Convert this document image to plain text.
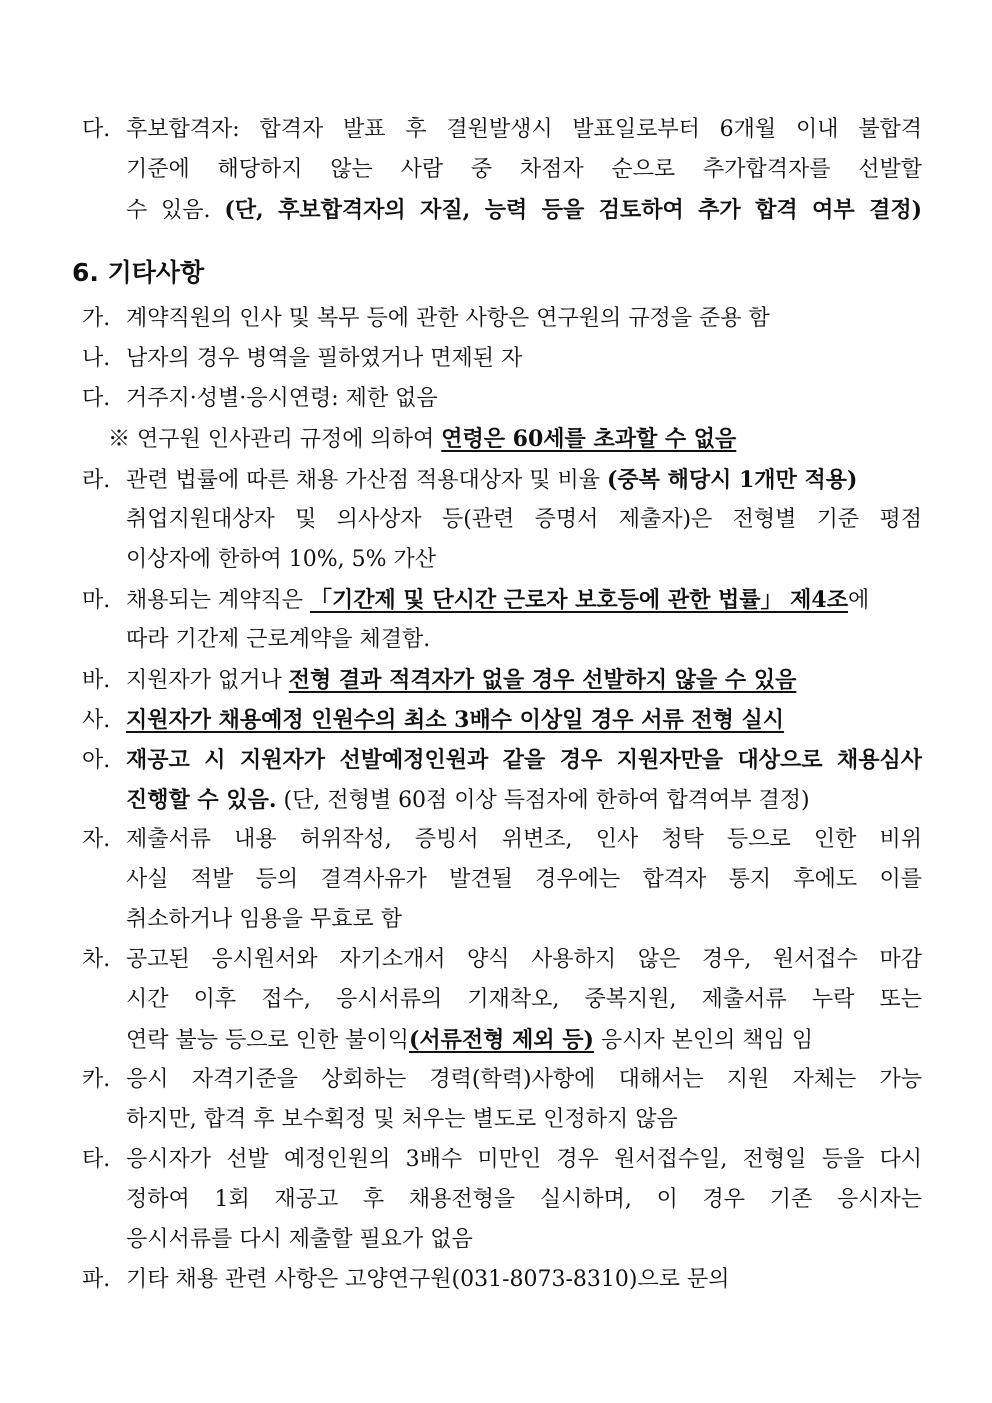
다. 후보합격자: 합격자 발표 후 결원발생시 발표일로부터 6개월 이내 불합격
기준에 해당하지 않는 사람 중 차점자 순으로 추가합격자를 선발할
수 있음. (단, 후보합격자의 자질, 능력 등을 검토하여 추가 합격 여부 결정)
6. 기타사항
가. 계약직원의 인사 및 복무 등에 관한 사항은 연구원의 규정을 준용 함
나. 남자의 경우 병역을 필하였거나 면제된 자
다. 거주지·성별·응시연령: 제한 없음
※ 연구원 인사관리 규정에 의하여 연령은 60세를 초과할 수 없음
라. 관련 법률에 따른 채용 가산점 적용대상자 및 비율 (중복 해당시 1개만 적용)
취업지원대상자 및 의사상자 등(관련 증명서 제출자)은 전형별 기준 평점
이상자에 한하여 10%, 5% 가산
마. 채용되는 계약직은 「기간제 및 단시간 근로자 보호등에 관한 법률」 제4조에
따라 기간제 근로계약을 체결함.
바. 지원자가 없거나 전형 결과 적격자가 없을 경우 선발하지 않을 수 있음
사. 지원자가 채용예정 인원수의 최소 3배수 이상일 경우 서류 전형 실시
아. 재공고 시 지원자가 선발예정인원과 같을 경우 지원자만을 대상으로 채용심사
진행할 수 있음. (단, 전형별 60점 이상 득점자에 한하여 합격여부 결정)
자. 제출서류 내용 허위작성, 증빙서 위변조, 인사 청탁 등으로 인한 비위
사실 적발 등의 결격사유가 발견될 경우에는 합격자 통지 후에도 이를
취소하거나 임용을 무효로 함
차. 공고된 응시원서와 자기소개서 양식 사용하지 않은 경우, 원서접수 마감
시간 이후 접수, 응시서류의 기재착오, 중복지원, 제출서류 누락 또는
연락 불능 등으로 인한 불이익(서류전형 제외 등) 응시자 본인의 책임 임
카. 응시 자격기준을 상회하는 경력(학력)사항에 대해서는 지원 자체는 가능
하지만, 합격 후 보수획정 및 처우는 별도로 인정하지 않음
타. 응시자가 선발 예정인원의 3배수 미만인 경우 원서접수일, 전형일 등을 다시
정하여 1회 재공고 후 채용전형을 실시하며, 이 경우 기존 응시자는
응시서류를 다시 제출할 필요가 없음
파. 기타 채용 관련 사항은 고양연구원(031-8073-8310)으로 문의
